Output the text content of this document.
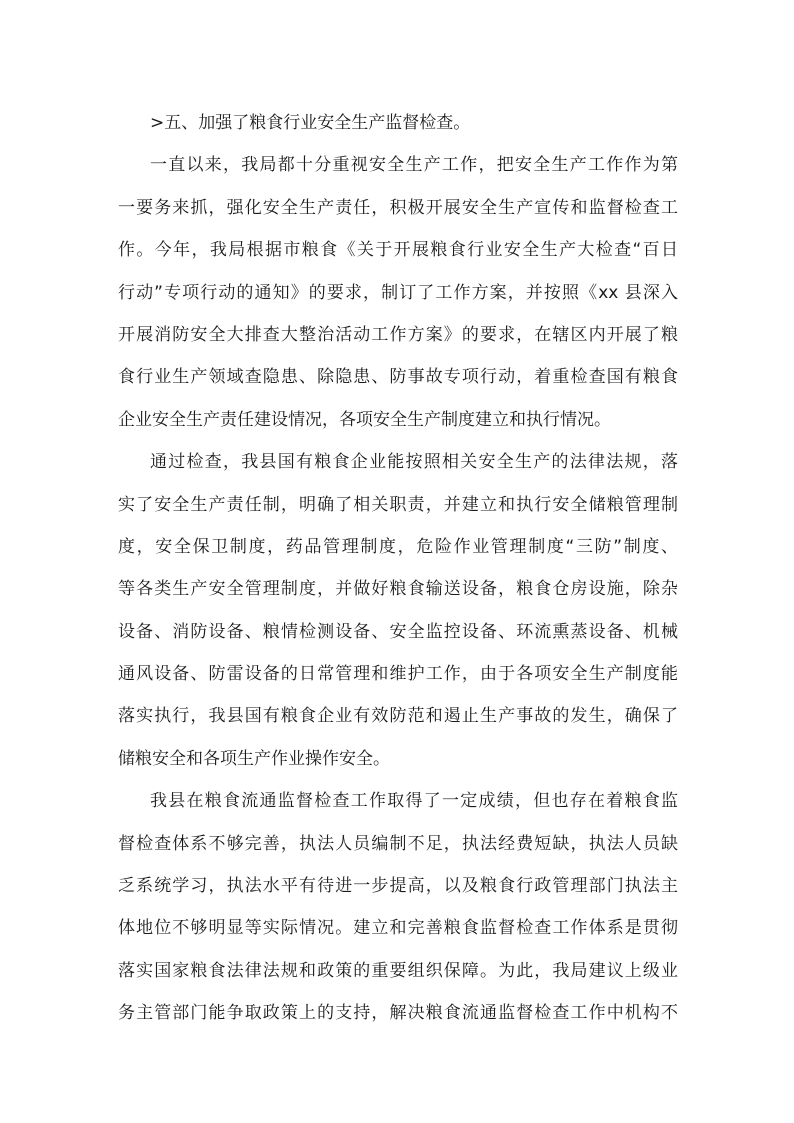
>五、加强了粮食行业安全生产监督检查。
一直以来，我局都十分重视安全生产工作，把安全生产工作作为第
一要务来抓，强化安全生产责任，积极开展安全生产宣传和监督检查工
作。今年，我局根据市粮食《关于开展粮食行业安全生产大检查“百日
行动”专项行动的通知》的要求，制订了工作方案，并按照《xx 县深入
开展消防安全大排查大整治活动工作方案》的要求，在辖区内开展了粮
食行业生产领域查隐患、除隐患、防事故专项行动，着重检查国有粮食
企业安全生产责任建设情况，各项安全生产制度建立和执行情况。
通过检查，我县国有粮食企业能按照相关安全生产的法律法规，落
实了安全生产责任制，明确了相关职责，并建立和执行安全储粮管理制
度，安全保卫制度，药品管理制度，危险作业管理制度“三防”制度、
等各类生产安全管理制度，并做好粮食输送设备，粮食仓房设施，除杂
设备、消防设备、粮情检测设备、安全监控设备、环流熏蒸设备、机械
通风设备、防雷设备的日常管理和维护工作，由于各项安全生产制度能
落实执行，我县国有粮食企业有效防范和遏止生产事故的发生，确保了
储粮安全和各项生产作业操作安全。
我县在粮食流通监督检查工作取得了一定成绩，但也存在着粮食监
督检查体系不够完善，执法人员编制不足，执法经费短缺，执法人员缺
乏系统学习，执法水平有待进一步提高，以及粮食行政管理部门执法主
体地位不够明显等实际情况。建立和完善粮食监督检查工作体系是贯彻
落实国家粮食法律法规和政策的重要组织保障。为此，我局建议上级业
务主管部门能争取政策上的支持，解决粮食流通监督检查工作中机构不
